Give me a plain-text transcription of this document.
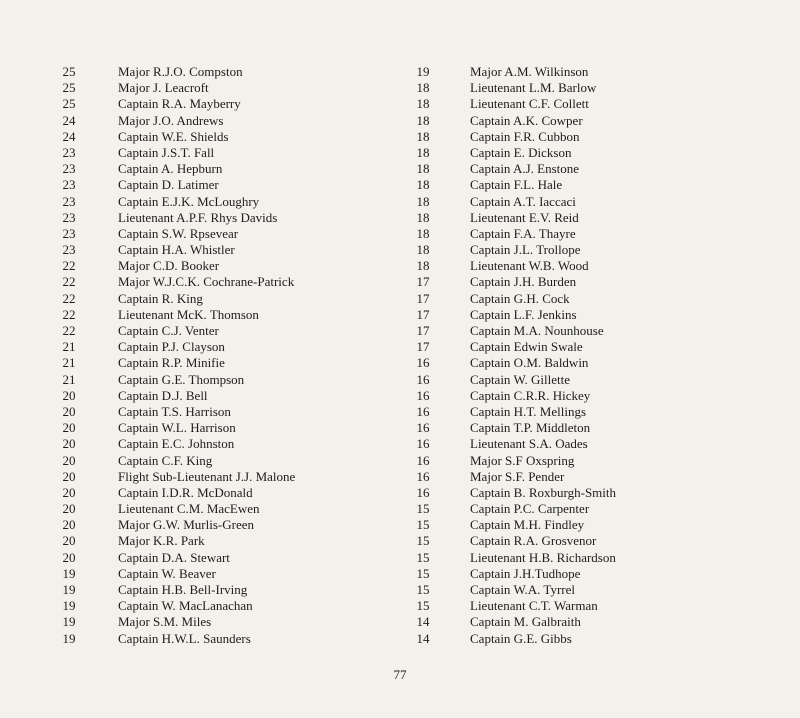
25	Major R.J.O. Compston
25	Major J. Leacroft
25	Captain R.A. Mayberry
24	Major J.O. Andrews
24	Captain W.E. Shields
23	Captain J.S.T. Fall
23	Captain A. Hepburn
23	Captain D. Latimer
23	Captain E.J.K. McLoughry
23	Lieutenant A.P.F. Rhys Davids
23	Captain S.W. Rpsevear
23	Captain H.A. Whistler
22	Major C.D. Booker
22	Major W.J.C.K. Cochrane-Patrick
22	Captain R. King
22	Lieutenant McK. Thomson
22	Captain C.J. Venter
21	Captain P.J. Clayson
21	Captain R.P. Minifie
21	Captain G.E. Thompson
20	Captain D.J. Bell
20	Captain T.S. Harrison
20	Captain W.L. Harrison
20	Captain E.C. Johnston
20	Captain C.F. King
20	Flight Sub-Lieutenant J.J. Malone
20	Captain I.D.R. McDonald
20	Lieutenant C.M. MacEwen
20	Major G.W. Murlis-Green
20	Major K.R. Park
20	Captain D.A. Stewart
19	Captain W. Beaver
19	Captain H.B. Bell-Irving
19	Captain W. MacLanachan
19	Major S.M. Miles
19	Captain H.W.L. Saunders
19	Major A.M. Wilkinson
18	Lieutenant L.M. Barlow
18	Lieutenant C.F. Collett
18	Captain A.K. Cowper
18	Captain F.R. Cubbon
18	Captain E. Dickson
18	Captain A.J. Enstone
18	Captain F.L. Hale
18	Captain A.T. Iaccaci
18	Lieutenant E.V. Reid
18	Captain F.A. Thayre
18	Captain J.L. Trollope
18	Lieutenant W.B. Wood
17	Captain J.H. Burden
17	Captain G.H. Cock
17	Captain L.F. Jenkins
17	Captain M.A. Nounhouse
17	Captain Edwin Swale
16	Captain O.M. Baldwin
16	Captain W. Gillette
16	Captain C.R.R. Hickey
16	Captain H.T. Mellings
16	Captain T.P. Middleton
16	Lieutenant S.A. Oades
16	Major S.F Oxspring
16	Major S.F. Pender
16	Captain B. Roxburgh-Smith
15	Captain P.C. Carpenter
15	Captain M.H. Findley
15	Captain R.A. Grosvenor
15	Lieutenant H.B. Richardson
15	Captain J.H.Tudhope
15	Captain W.A. Tyrrel
15	Lieutenant C.T. Warman
14	Captain M. Galbraith
14	Captain G.E. Gibbs
77
